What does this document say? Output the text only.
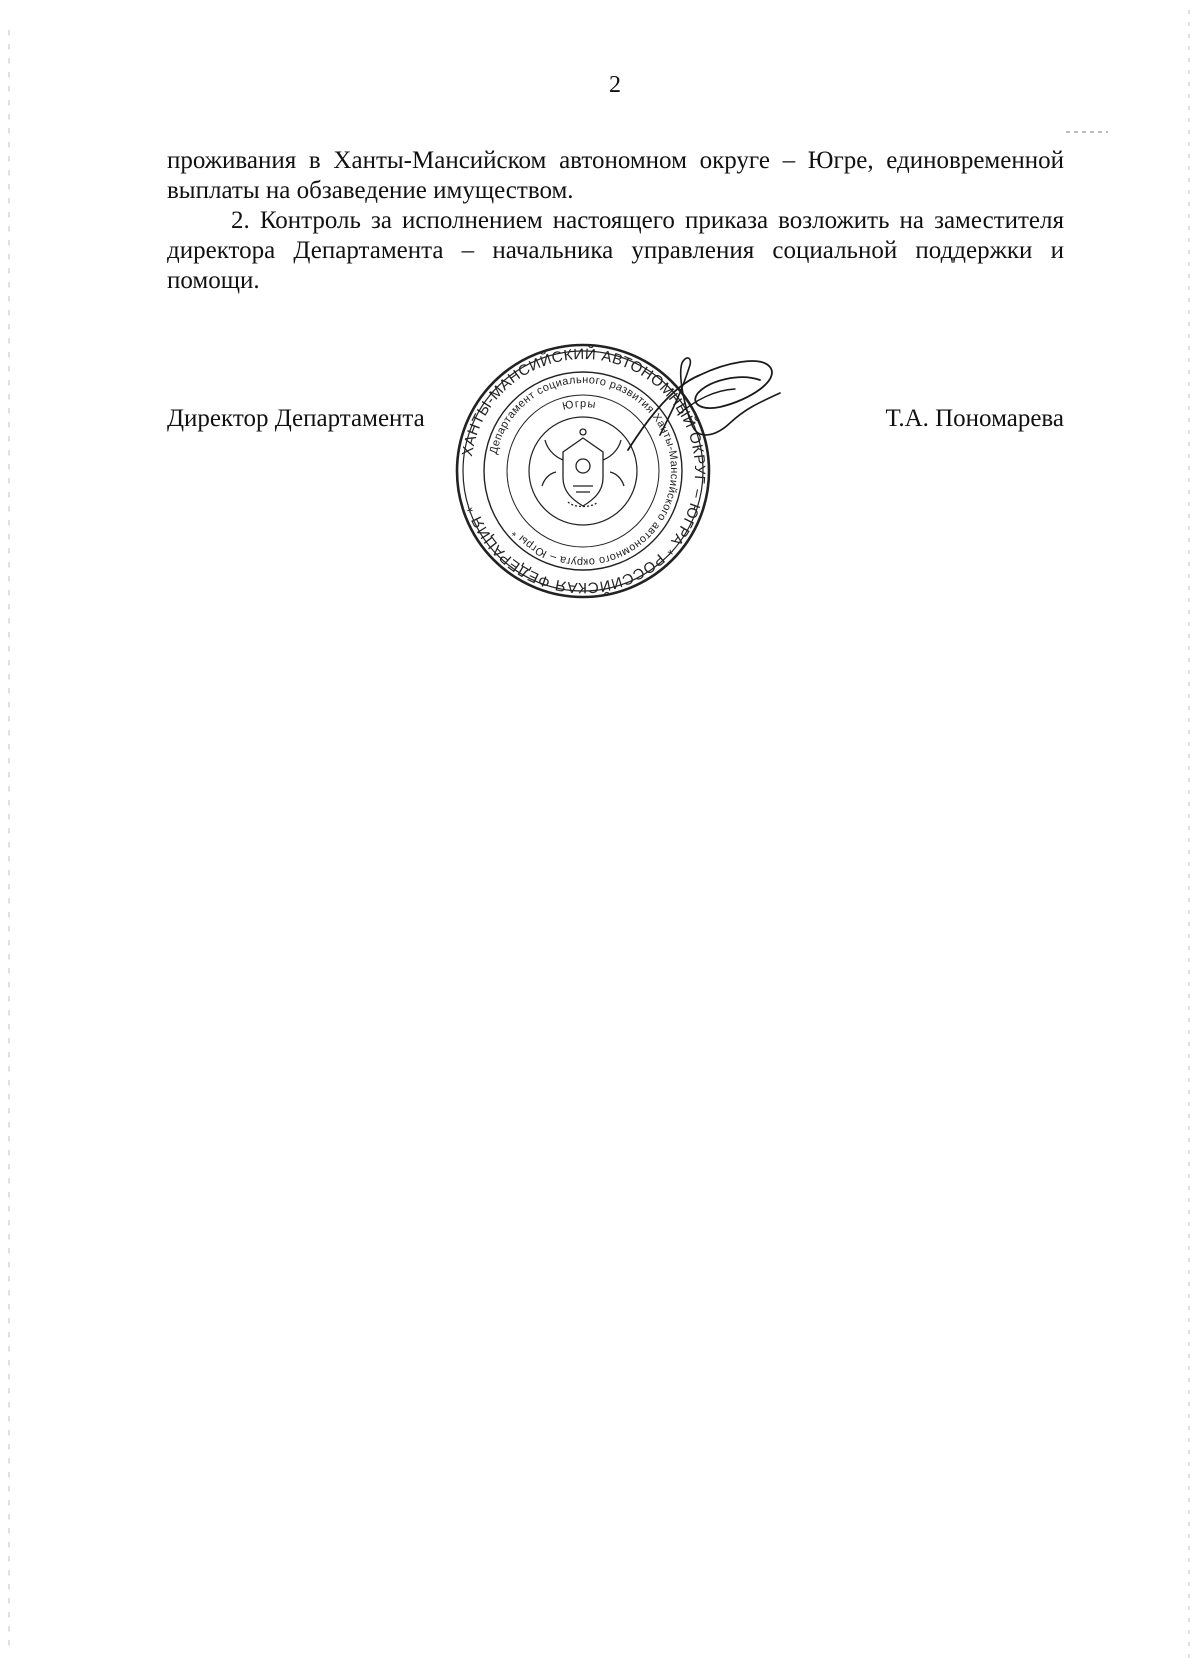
2

проживания в Ханты-Мансийском автономном округе – Югре, единовременной выплаты на обзаведение имуществом.

2. Контроль за исполнением настоящего приказа возложить на заместителя директора Департамента – начальника управления социальной поддержки и помощи.

Директор Департамента	Т.А. Пономарева
ХАНТЫ-МАНСИЙСКИЙ АВТОНОМНЫЙ ОКРУГ – ЮГРА * РОССИЙСКАЯ ФЕДЕРАЦИЯ *
Департамент социального развития Ханты-Мансийского автономного округа – Югры *
Югры
